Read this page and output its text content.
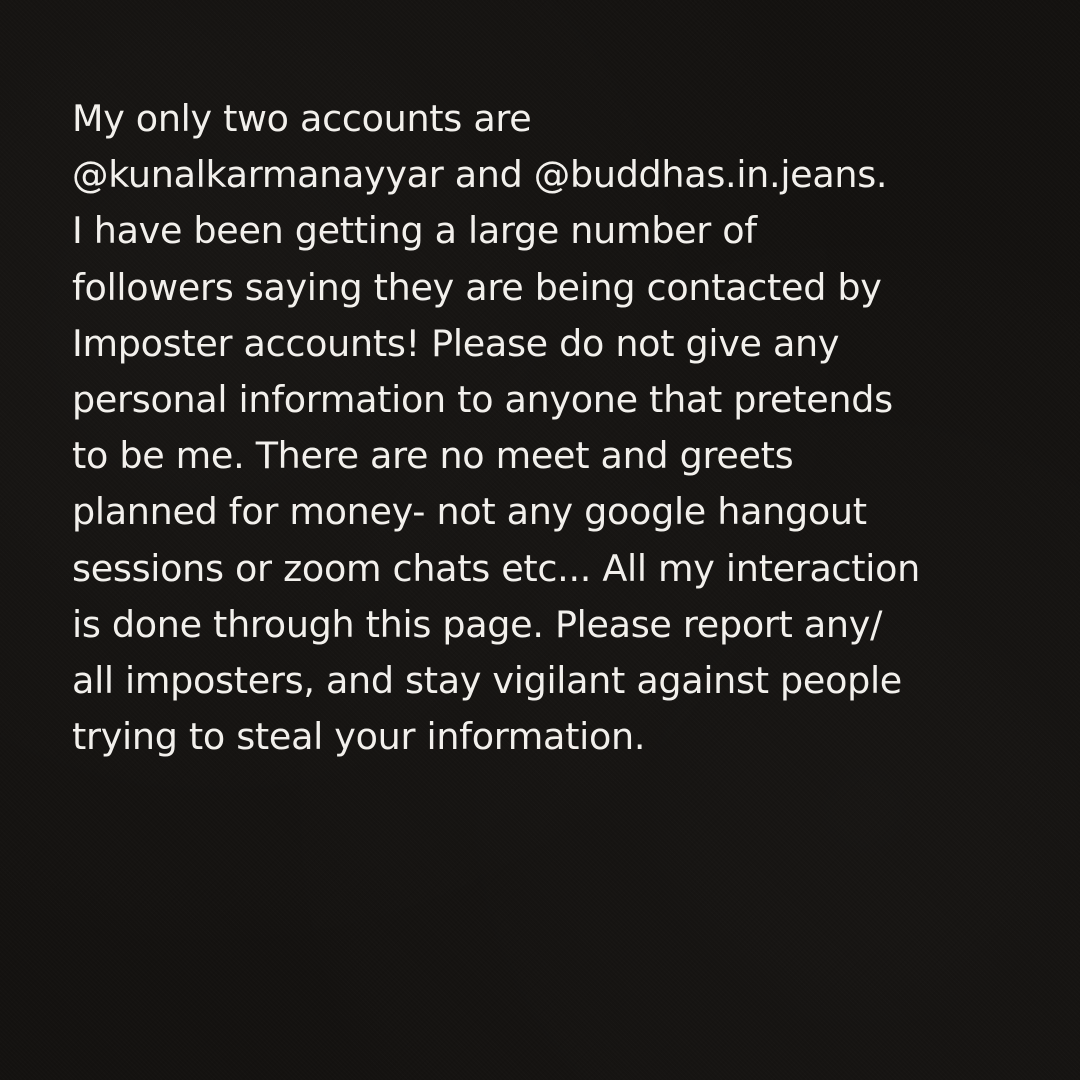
My only two accounts are
@kunalkarmanayyar and @buddhas.in.jeans.
I have been getting a large number of
followers saying they are being contacted by
Imposter accounts! Please do not give any
personal information to anyone that pretends
to be me. There are no meet and greets
planned for money- not any google hangout
sessions or zoom chats etc... All my interaction
is done through this page. Please report any/
all imposters, and stay vigilant against people
trying to steal your information.
